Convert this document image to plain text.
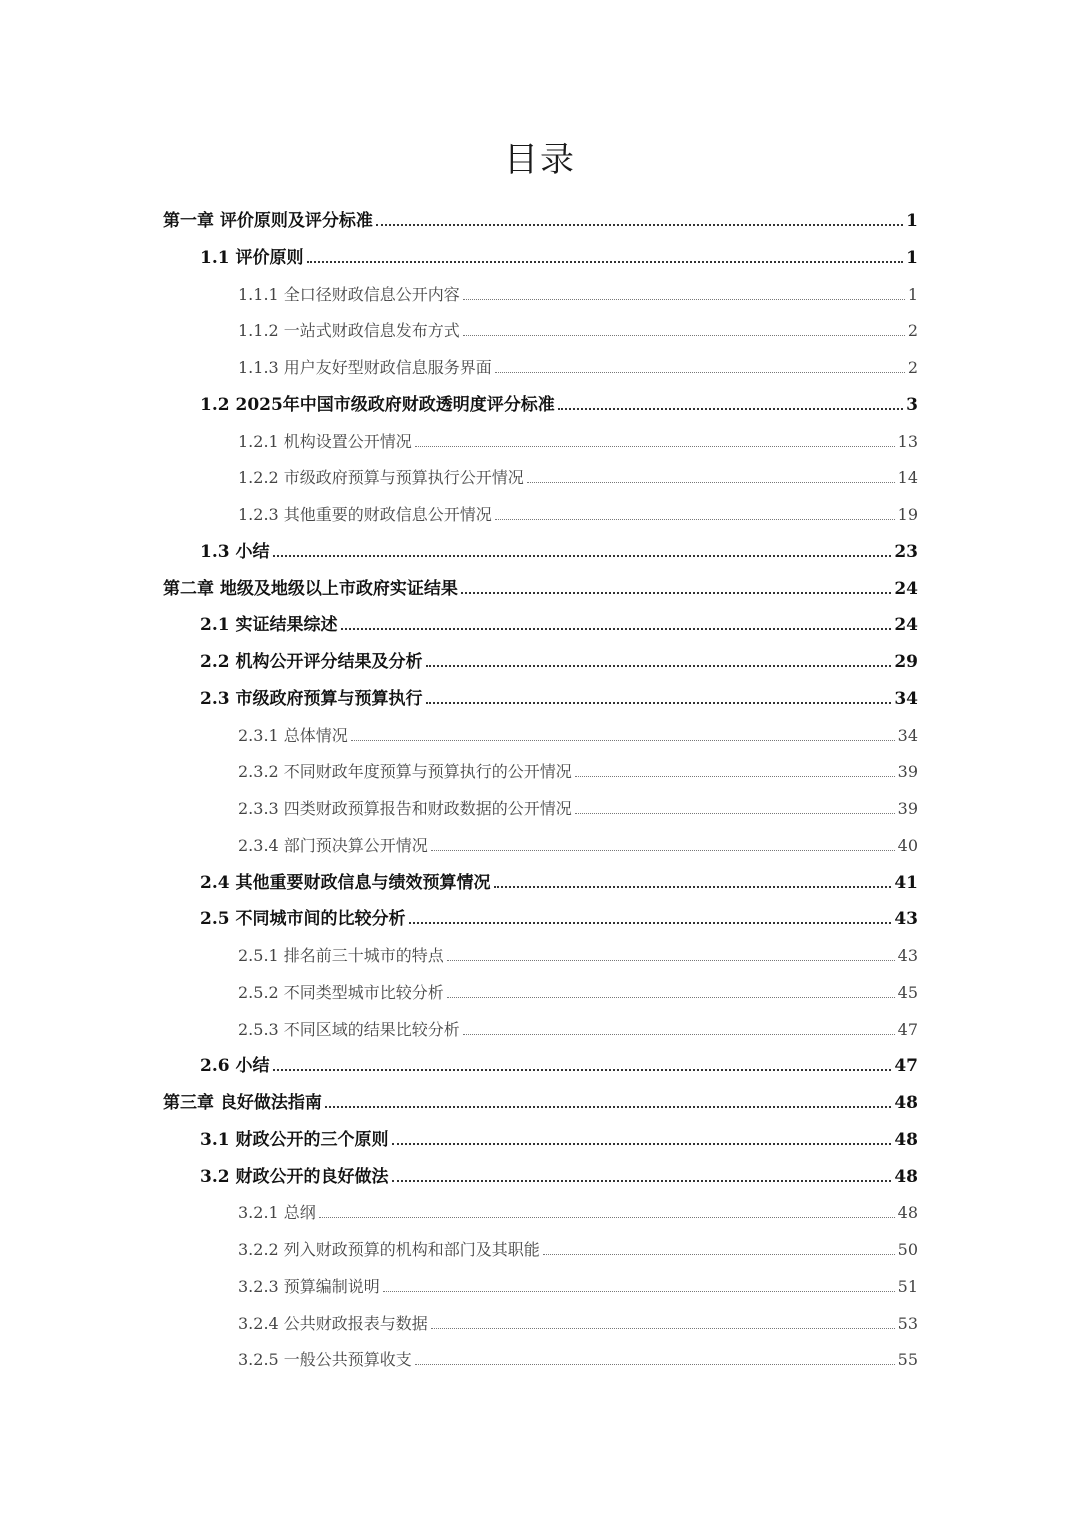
目录
第一章 评价原则及评分标准	1
1.1 评价原则	1
1.1.1 全口径财政信息公开内容	1
1.1.2 一站式财政信息发布方式	2
1.1.3 用户友好型财政信息服务界面	2
1.2 2025年中国市级政府财政透明度评分标准	3
1.2.1 机构设置公开情况	13
1.2.2 市级政府预算与预算执行公开情况	14
1.2.3 其他重要的财政信息公开情况	19
1.3 小结	23
第二章 地级及地级以上市政府实证结果	24
2.1 实证结果综述	24
2.2 机构公开评分结果及分析	29
2.3 市级政府预算与预算执行	34
2.3.1 总体情况	34
2.3.2 不同财政年度预算与预算执行的公开情况	39
2.3.3 四类财政预算报告和财政数据的公开情况	39
2.3.4 部门预决算公开情况	40
2.4 其他重要财政信息与绩效预算情况	41
2.5 不同城市间的比较分析	43
2.5.1 排名前三十城市的特点	43
2.5.2 不同类型城市比较分析	45
2.5.3 不同区域的结果比较分析	47
2.6 小结	47
第三章 良好做法指南	48
3.1 财政公开的三个原则	48
3.2 财政公开的良好做法	48
3.2.1 总纲	48
3.2.2 列入财政预算的机构和部门及其职能	50
3.2.3 预算编制说明	51
3.2.4 公共财政报表与数据	53
3.2.5 一般公共预算收支	55
